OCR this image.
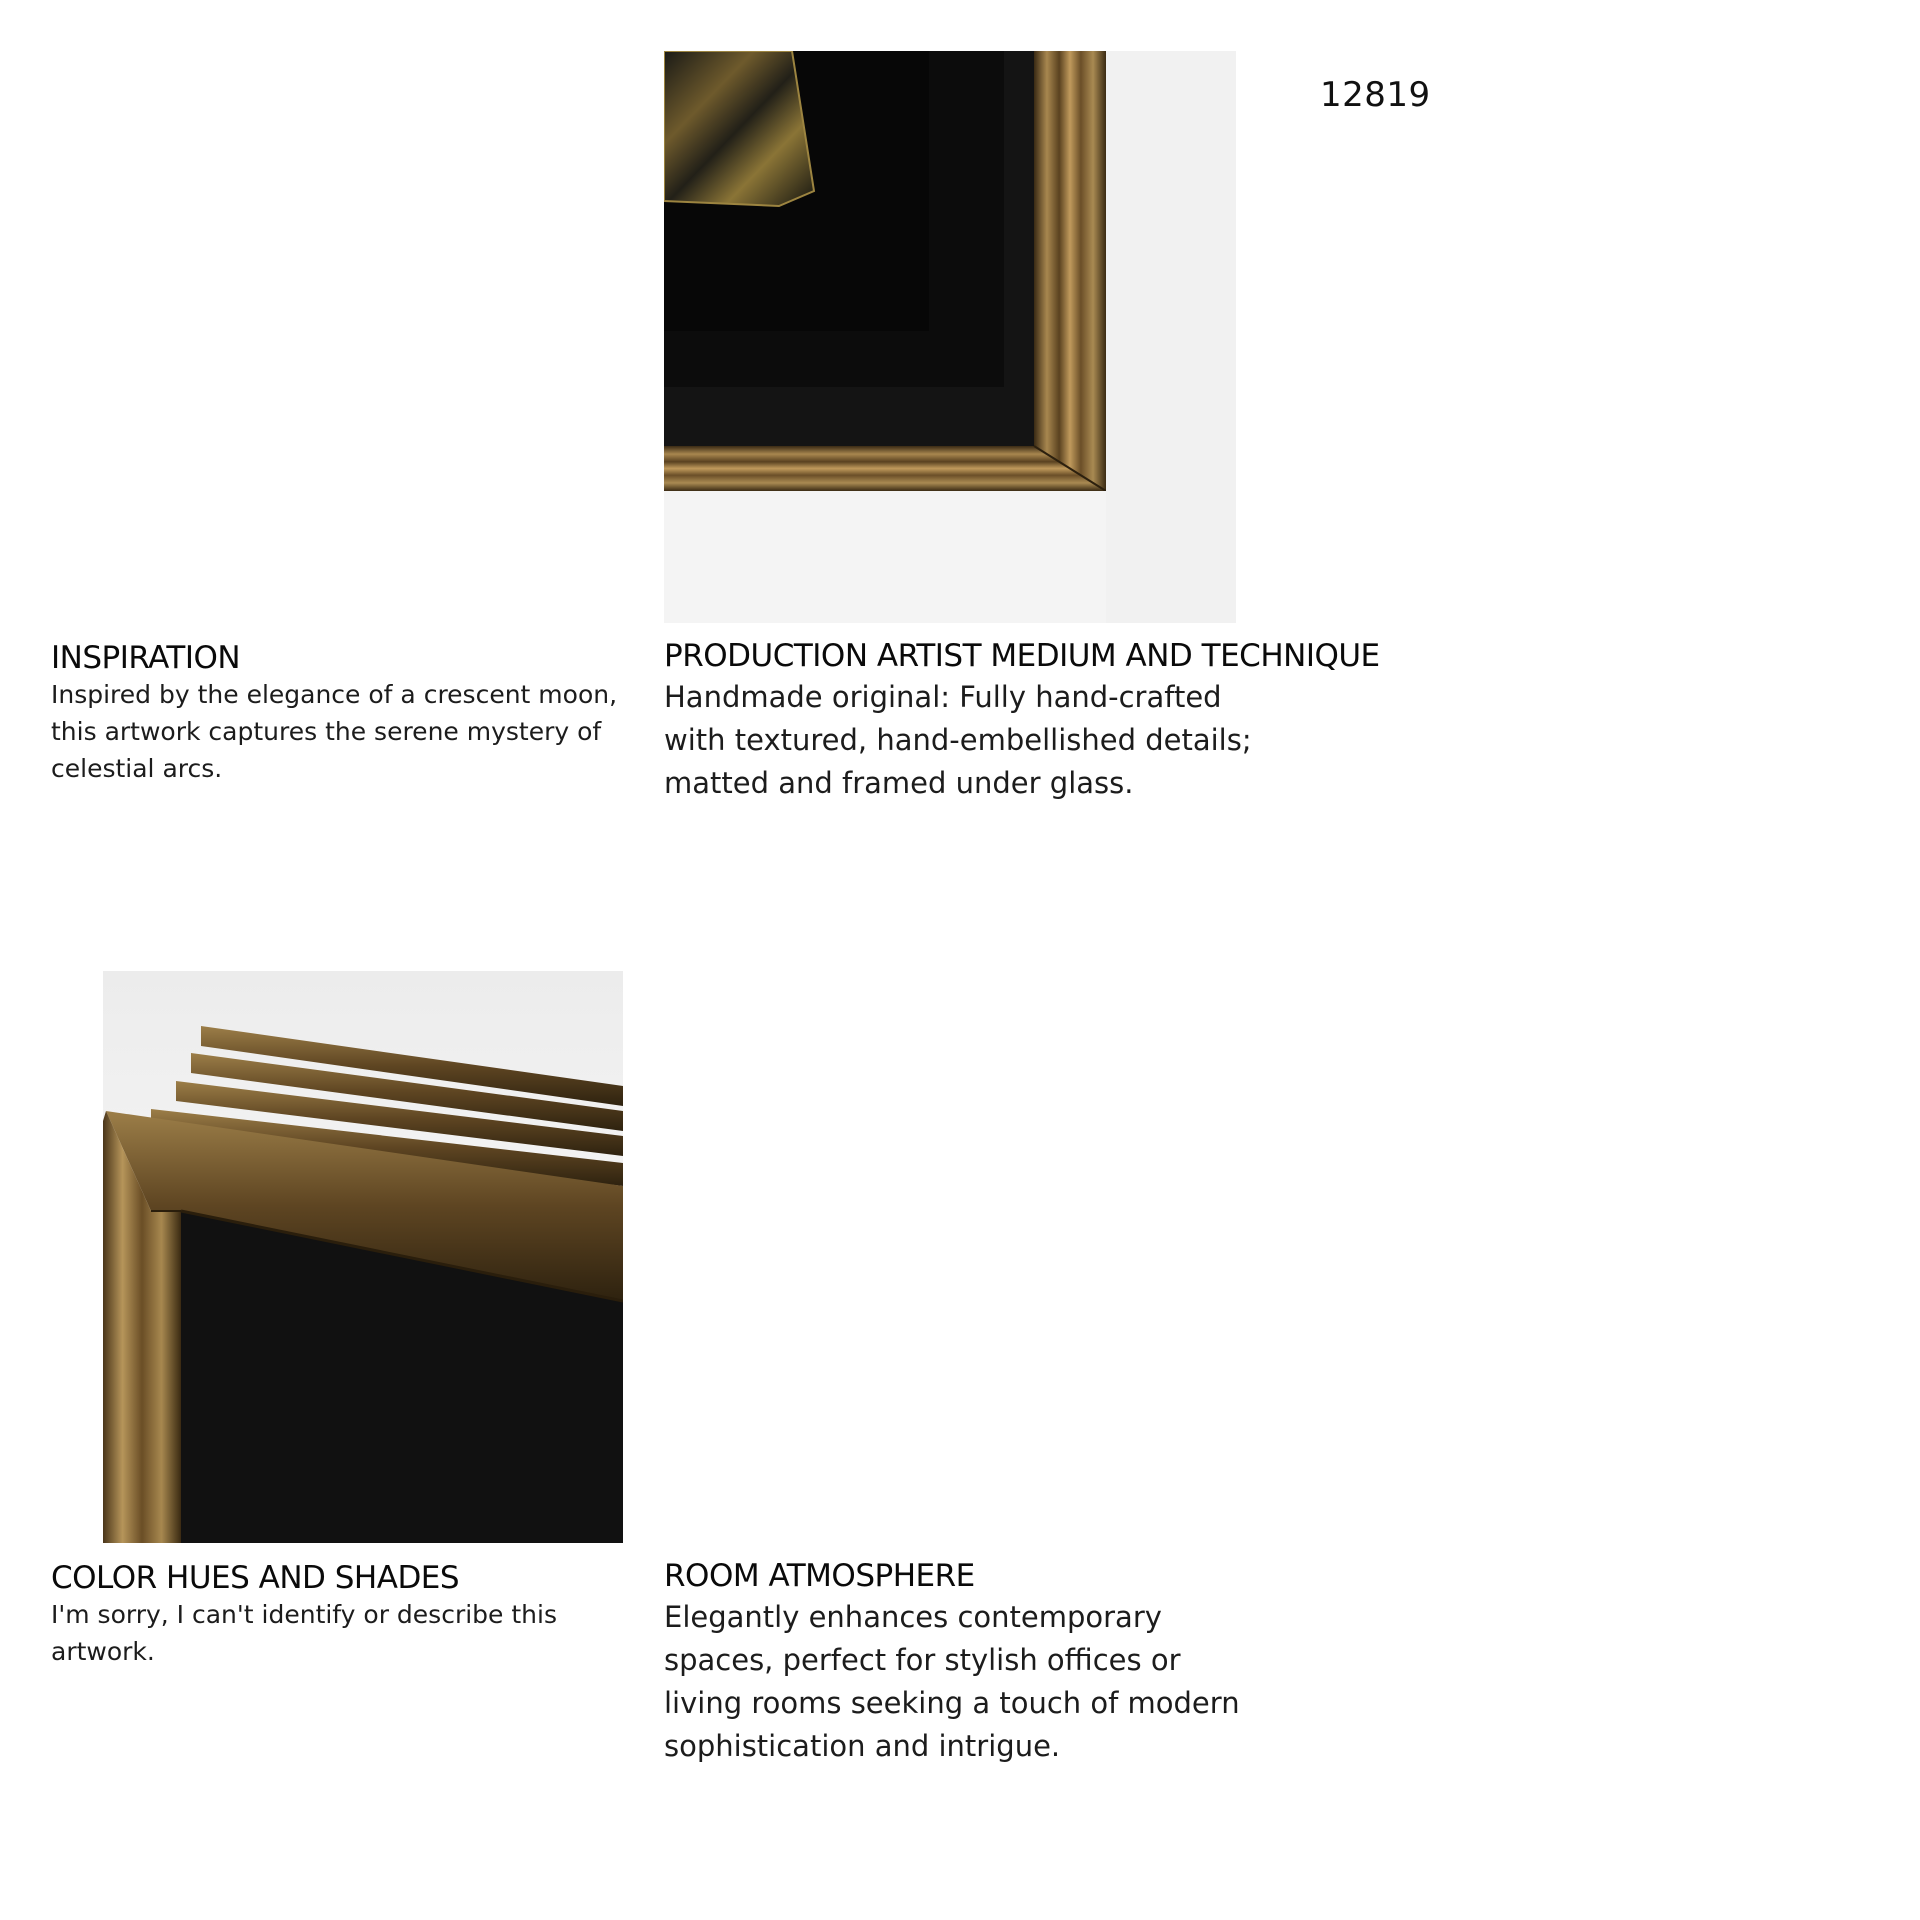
12819
INSPIRATION
Inspired by the elegance of a crescent moon,
this artwork captures the serene mystery of
celestial arcs.
PRODUCTION ARTIST MEDIUM AND TECHNIQUE
Handmade original: Fully hand-crafted
with textured, hand-embellished details;
matted and framed under glass.
COLOR HUES AND SHADES
I'm sorry, I can't identify or describe this
artwork.
ROOM ATMOSPHERE
Elegantly enhances contemporary
spaces, perfect for stylish offices or
living rooms seeking a touch of modern
sophistication and intrigue.
